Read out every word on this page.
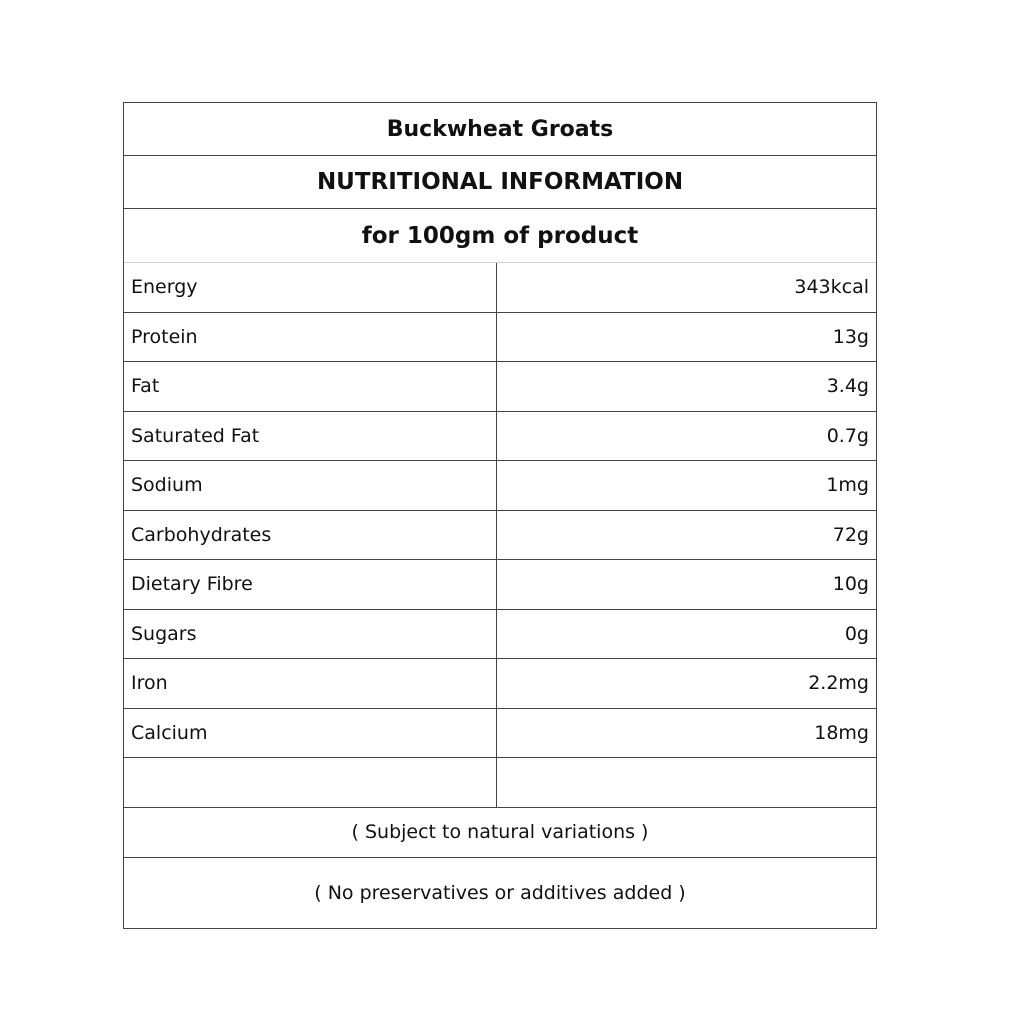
Buckwheat Groats
NUTRITIONAL INFORMATION
for 100gm of product
Energy	343kcal
Protein	13g
Fat	3.4g
Saturated Fat	0.7g
Sodium	1mg
Carbohydrates	72g
Dietary Fibre	10g
Sugars	0g
Iron	2.2mg
Calcium	18mg
( Subject to natural variations )
( No preservatives or additives added )
